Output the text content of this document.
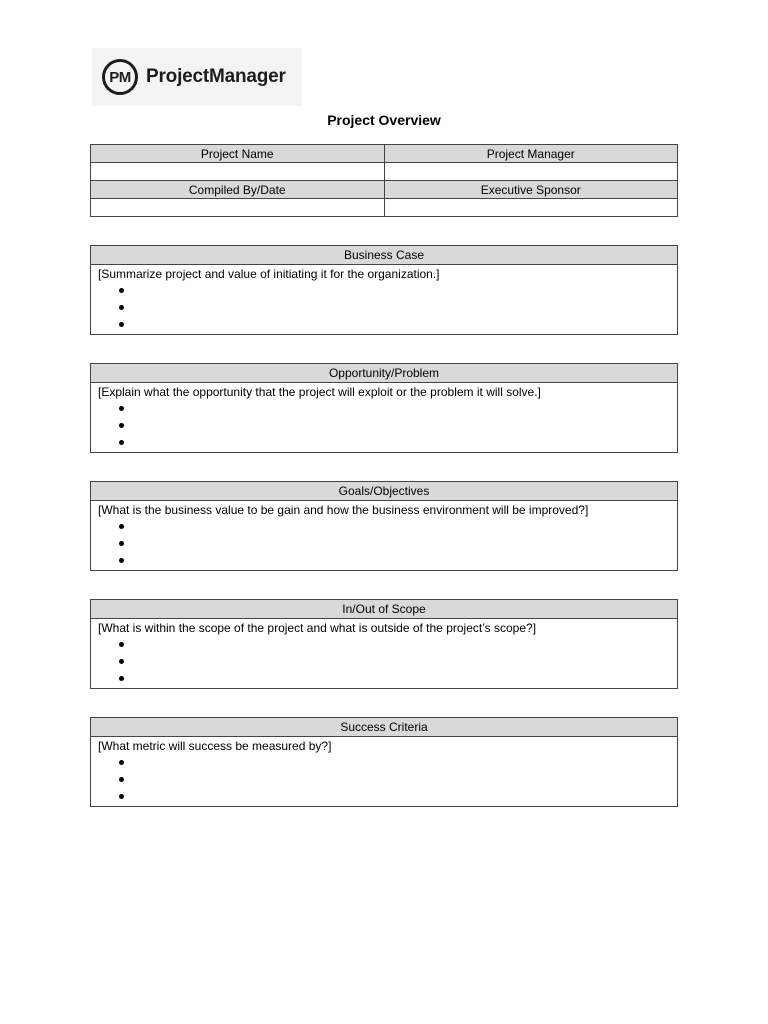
PM ProjectManager
Project Overview
Project Name	Project Manager

Compiled By/Date	Executive Sponsor

Business Case
[Summarize project and value of initiating it for the organization.]
Opportunity/Problem
[Explain what the opportunity that the project will exploit or the problem it will solve.]
Goals/Objectives
[What is the business value to be gain and how the business environment will be improved?]
In/Out of Scope
[What is within the scope of the project and what is outside of the project’s scope?]
Success Criteria
[What metric will success be measured by?]
